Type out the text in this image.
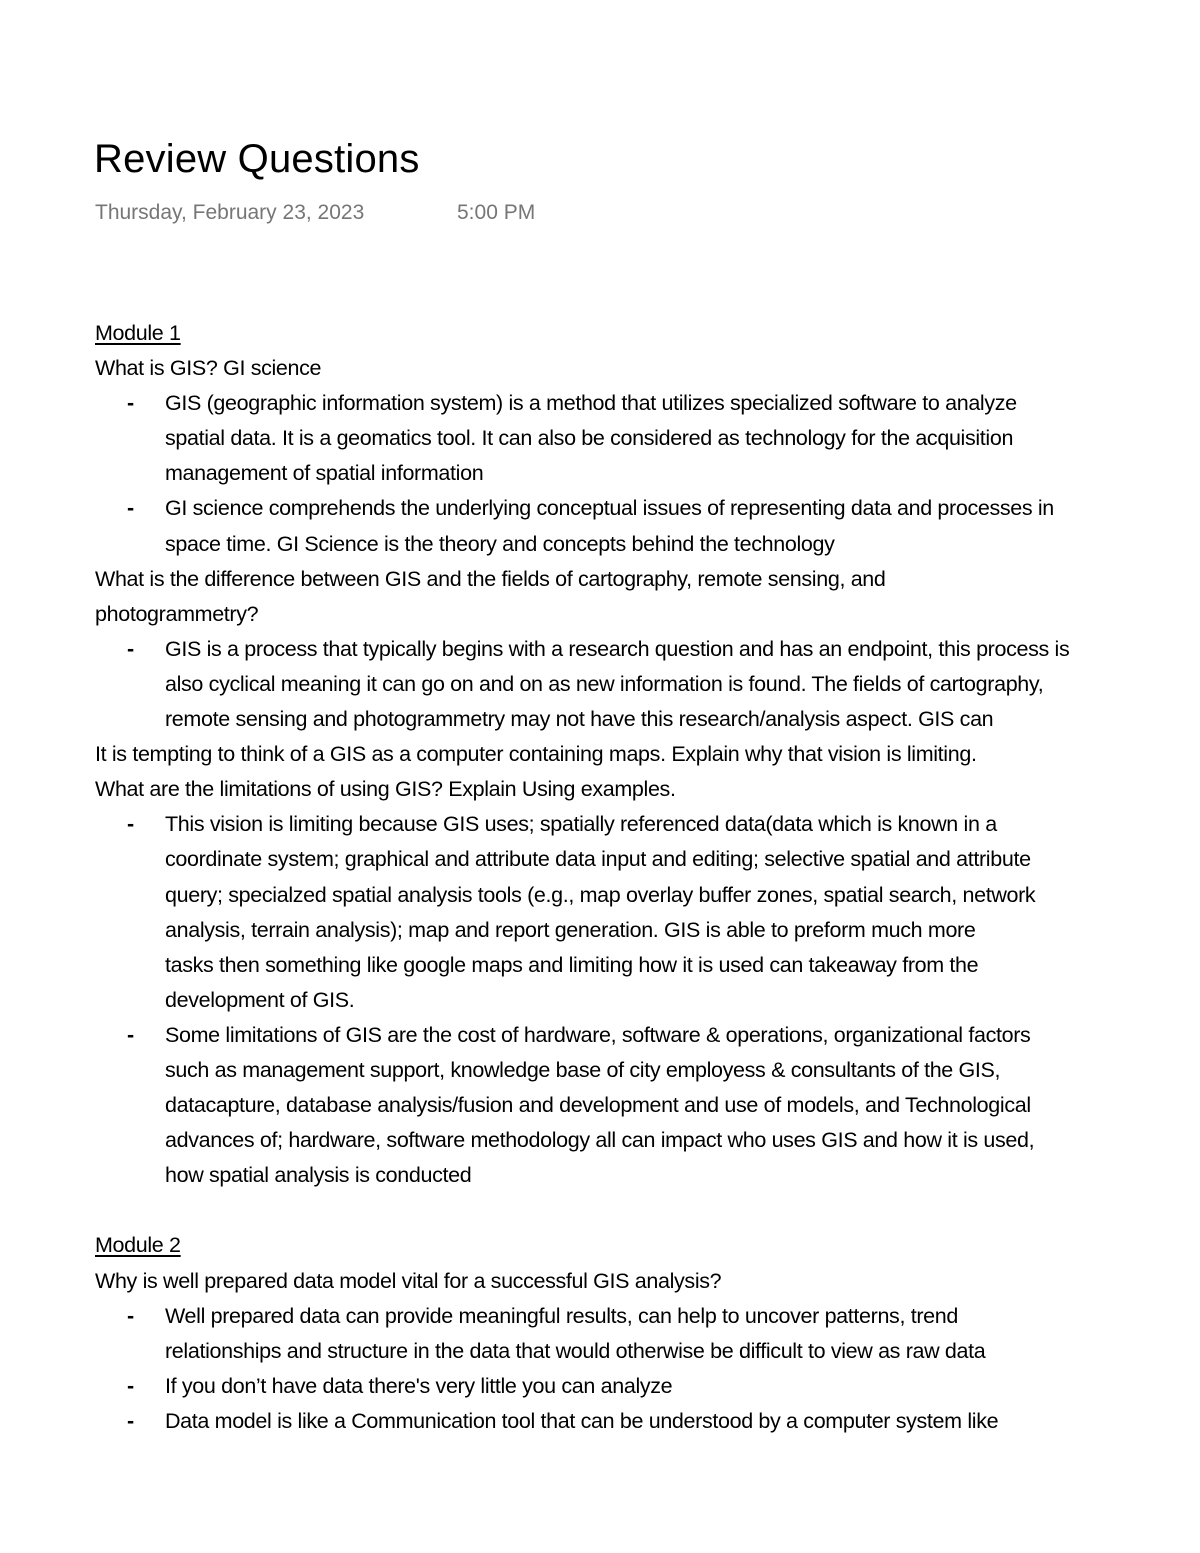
Review Questions
Thursday, February 23, 2023	5:00 PM
Module 1
What is GIS? GI science
- GIS (geographic information system) is a method that utilizes specialized software to analyze
spatial data. It is a geomatics tool. It can also be considered as technology for the acquisition
management of spatial information
- GI science comprehends the underlying conceptual issues of representing data and processes in
space time. GI Science is the theory and concepts behind the technology
What is the difference between GIS and the fields of cartography, remote sensing, and
photogrammetry?
- GIS is a process that typically begins with a research question and has an endpoint, this process is
also cyclical meaning it can go on and on as new information is found. The fields of cartography,
remote sensing and photogrammetry may not have this research/analysis aspect. GIS can
It is tempting to think of a GIS as a computer containing maps. Explain why that vision is limiting.
What are the limitations of using GIS? Explain Using examples.
- This vision is limiting because GIS uses; spatially referenced data(data which is known in a
coordinate system; graphical and attribute data input and editing; selective spatial and attribute
query; specialzed spatial analysis tools (e.g., map overlay buffer zones, spatial search, network
analysis, terrain analysis); map and report generation. GIS is able to preform much more
tasks then something like google maps and limiting how it is used can takeaway from the
development of GIS.
- Some limitations of GIS are the cost of hardware, software & operations, organizational factors
such as management support, knowledge base of city employess & consultants of the GIS,
datacapture, database analysis/fusion and development and use of models, and Technological
advances of; hardware, software methodology all can impact who uses GIS and how it is used,
how spatial analysis is conducted
Module 2
Why is well prepared data model vital for a successful GIS analysis?
- Well prepared data can provide meaningful results, can help to uncover patterns, trend
relationships and structure in the data that would otherwise be difficult to view as raw data
- If you don’t have data there's very little you can analyze
- Data model is like a Communication tool that can be understood by a computer system like
